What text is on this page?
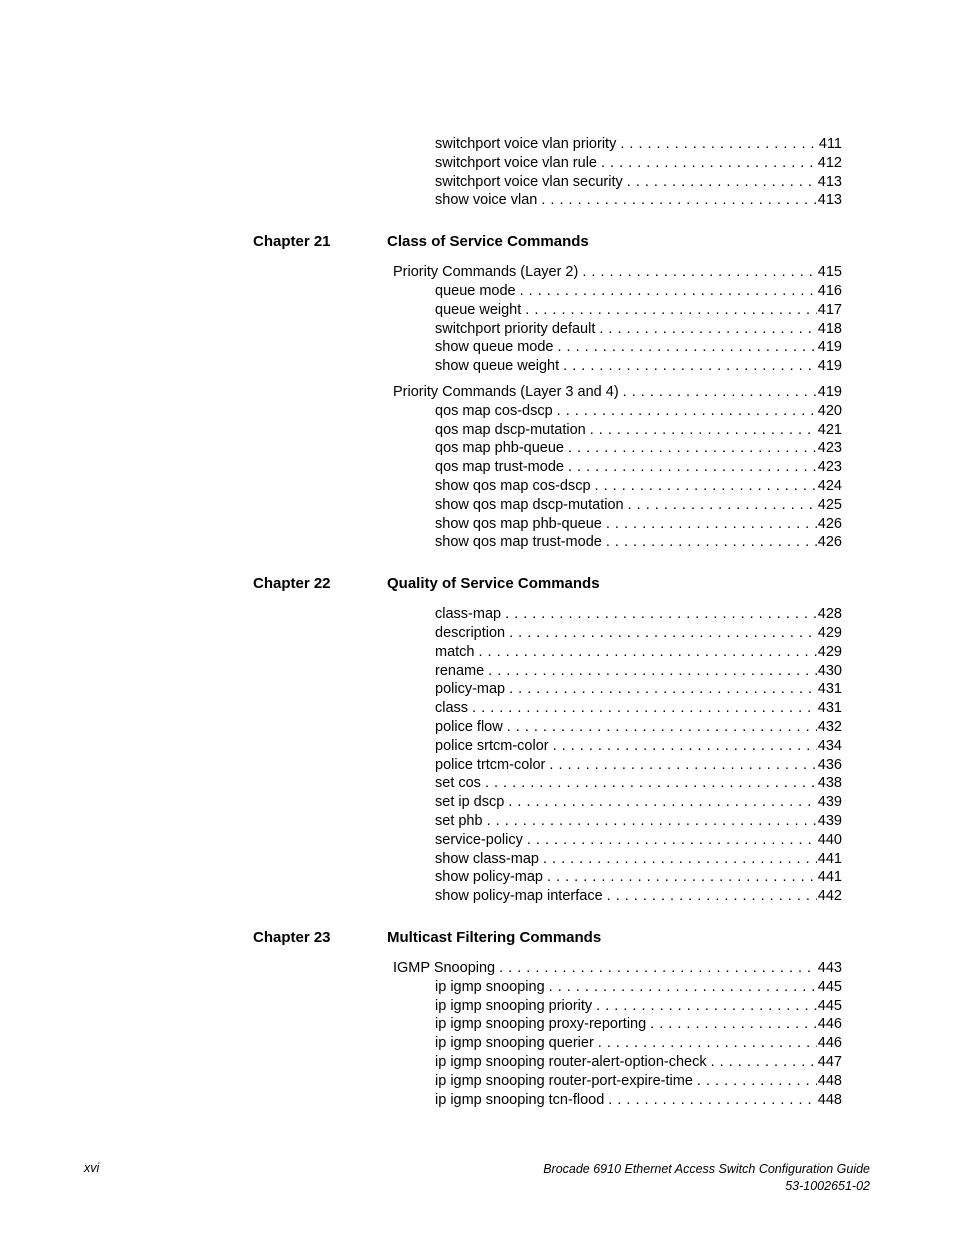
switchport voice vlan priority . . .	411
switchport voice vlan rule . . .	412
switchport voice vlan security . . .	413
show voice vlan . . .	413
Chapter 21	Class of Service Commands
Priority Commands (Layer 2) . . .	415
queue mode . . .	416
queue weight . . .	417
switchport priority default . . .	418
show queue mode . . .	419
show queue weight . . .	419
Priority Commands (Layer 3 and 4) . . .	419
qos map cos-dscp . . .	420
qos map dscp-mutation . . .	421
qos map phb-queue . . .	423
qos map trust-mode . . .	423
show qos map cos-dscp . . .	424
show qos map dscp-mutation . . .	425
show qos map phb-queue . . .	426
show qos map trust-mode . . .	426
Chapter 22	Quality of Service Commands
class-map . . .	428
description . . .	429
match . . .	429
rename . . .	430
policy-map . . .	431
class . . .	431
police flow . . .	432
police srtcm-color . . .	434
police trtcm-color . . .	436
set cos . . .	438
set ip dscp . . .	439
set phb . . .	439
service-policy . . .	440
show class-map . . .	441
show policy-map . . .	441
show policy-map interface . . .	442
Chapter 23	Multicast Filtering Commands
IGMP Snooping . . .	443
ip igmp snooping . . .	445
ip igmp snooping priority . . .	445
ip igmp snooping proxy-reporting . . .	446
ip igmp snooping querier . . .	446
ip igmp snooping router-alert-option-check . . .	447
ip igmp snooping router-port-expire-time . . .	448
ip igmp snooping tcn-flood . . .	448
xvi	Brocade 6910 Ethernet Access Switch Configuration Guide
53-1002651-02
